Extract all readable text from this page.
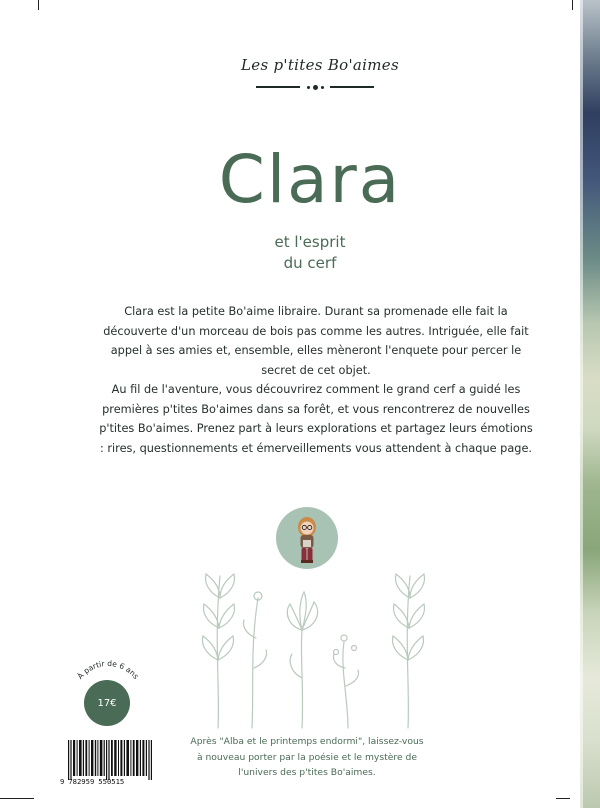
Les p'tites Bo'aimes
Clara
et l'esprit
du cerf

Clara est la petite Bo'aime libraire. Durant sa promenade elle fait la découverte d'un morceau de bois pas comme les autres. Intriguée, elle fait appel à ses amies et, ensemble, elles mèneront l'enquete pour percer le secret de cet objet.

Au fil de l'aventure, vous découvrirez comment le grand cerf a guidé les premières p'tites Bo'aimes dans sa forêt, et vous rencontrerez de nouvelles p'tites Bo'aimes. Prenez part à leurs explorations et partagez leurs émotions : rires, questionnements et émerveillements vous attendent à chaque page.

À partir de 6 ans
17€
9 782959 550515
Après "Alba et le printemps endormi", laissez-vous
à nouveau porter par la poésie et le mystère de
l'univers des p'tites Bo'aimes.
